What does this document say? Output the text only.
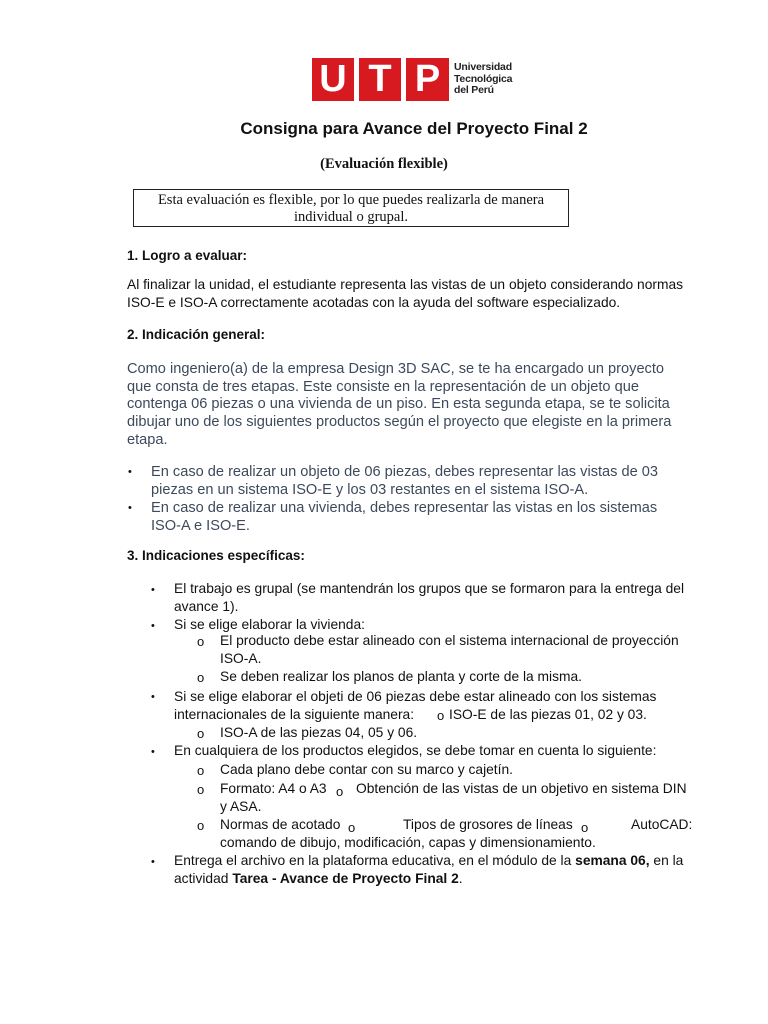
U T P	Universidad
Tecnológica
del Perú
Consigna para Avance del Proyecto Final 2
(Evaluación flexible)
Esta evaluación es flexible, por lo que puedes realizarla de manera
individual o grupal.
1. Logro a evaluar:
Al finalizar la unidad, el estudiante representa las vistas de un objeto considerando normas
ISO-E e ISO-A correctamente acotadas con la ayuda del software especializado.
2. Indicación general:
Como ingeniero(a) de la empresa Design 3D SAC, se te ha encargado un proyecto
que consta de tres etapas. Este consiste en la representación de un objeto que
contenga 06 piezas o una vivienda de un piso. En esta segunda etapa, se te solicita
dibujar uno de los siguientes productos según el proyecto que elegiste en la primera
etapa.
• En caso de realizar un objeto de 06 piezas, debes representar las vistas de 03
piezas en un sistema ISO-E y los 03 restantes en el sistema ISO-A.
• En caso de realizar una vivienda, debes representar las vistas en los sistemas
ISO-A e ISO-E.
3. Indicaciones específicas:
• El trabajo es grupal (se mantendrán los grupos que se formaron para la entrega del
avance 1).
• Si se elige elaborar la vivienda:
o El producto debe estar alineado con el sistema internacional de proyección
ISO-A.
o Se deben realizar los planos de planta y corte de la misma.
• Si se elige elaborar el objeti de 06 piezas debe estar alineado con los sistemas
internacionales de la siguiente manera: o ISO-E de las piezas 01, 02 y 03.
o ISO-A de las piezas 04, 05 y 06.
• En cualquiera de los productos elegidos, se debe tomar en cuenta lo siguiente:
o Cada plano debe contar con su marco y cajetín.
o Formato: A4 o A3 o Obtención de las vistas de un objetivo en sistema DIN
y ASA.
o Normas de acotado o	Tipos de grosores de líneas o	AutoCAD:
comando de dibujo, modificación, capas y dimensionamiento.
• Entrega el archivo en la plataforma educativa, en el módulo de la semana 06, en la
actividad Tarea - Avance de Proyecto Final 2.
